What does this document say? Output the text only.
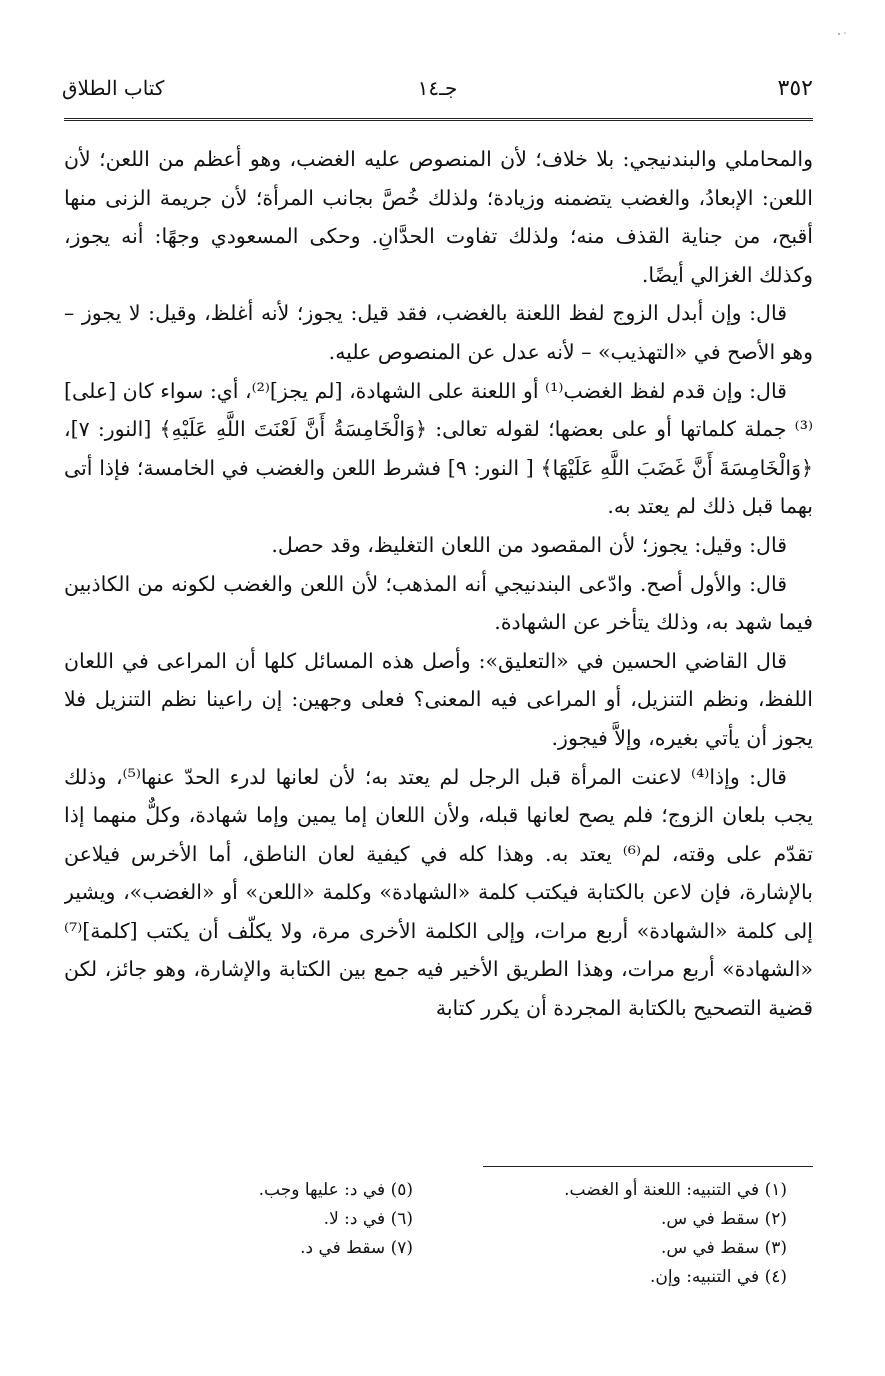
٣٥٢
جـ١٤
كتاب الطلاق

والمحاملي والبندنيجي: بلا خلاف؛ لأن المنصوص عليه الغضب، وهو أعظم من اللعن؛ لأن اللعن: الإبعادُ، والغضب يتضمنه وزيادة؛ ولذلك خُصَّ بجانب المرأة؛ لأن جريمة الزنى منها أقبح، من جناية القذف منه؛ ولذلك تفاوت الحدَّانِ. وحكى المسعودي وجهًا: أنه يجوز، وكذلك الغزالي أيضًا.

قال: وإن أبدل الزوج لفظ اللعنة بالغضب، فقد قيل: يجوز؛ لأنه أغلظ، وقيل: لا يجوز – وهو الأصح في «التهذيب» – لأنه عدل عن المنصوص عليه.

قال: وإن قدم لفظ الغضب⁽¹⁾ أو اللعنة على الشهادة، [لم يجز]⁽²⁾، أي: سواء كان [على]⁽³⁾ جملة كلماتها أو على بعضها؛ لقوله تعالى: ﴿وَالْخَامِسَةُ أَنَّ لَعْنَتَ اللَّهِ عَلَيْهِ﴾ [النور: ٧]، ﴿وَالْخَامِسَةَ أَنَّ غَضَبَ اللَّهِ عَلَيْهَا﴾ [ النور: ٩] فشرط اللعن والغضب في الخامسة؛ فإذا أتى بهما قبل ذلك لم يعتد به.

قال: وقيل: يجوز؛ لأن المقصود من اللعان التغليظ، وقد حصل.

قال: والأول أصح. وادّعى البندنيجي أنه المذهب؛ لأن اللعن والغضب لكونه من الكاذبين فيما شهد به، وذلك يتأخر عن الشهادة.

قال القاضي الحسين في «التعليق»: وأصل هذه المسائل كلها أن المراعى في اللعان اللفظ، ونظم التنزيل، أو المراعى فيه المعنى؟ فعلى وجهين: إن راعينا نظم التنزيل فلا يجوز أن يأتي بغيره، وإلاَّ فيجوز.

قال: وإذا⁽⁴⁾ لاعنت المرأة قبل الرجل لم يعتد به؛ لأن لعانها لدرء الحدّ عنها⁽⁵⁾، وذلك يجب بلعان الزوج؛ فلم يصح لعانها قبله، ولأن اللعان إما يمين وإما شهادة، وكلٌّ منهما إذا تقدّم على وقته، لم⁽⁶⁾ يعتد به. وهذا كله في كيفية لعان الناطق، أما الأخرس فيلاعن بالإشارة، فإن لاعن بالكتابة فيكتب كلمة «الشهادة» وكلمة «اللعن» أو «الغضب»، ويشير إلى كلمة «الشهادة» أربع مرات، وإلى الكلمة الأخرى مرة، ولا يكلّف أن يكتب [كلمة]⁽⁷⁾ «الشهادة» أربع مرات، وهذا الطريق الأخير فيه جمع بين الكتابة والإشارة، وهو جائز، لكن قضية التصحيح بالكتابة المجردة أن يكرر كتابة

(١) في التنبيه: اللعنة أو الغضب.

(٢) سقط في س.

(٣) سقط في س.

(٤) في التنبيه: وإن.

(٥) في د: عليها وجب.

(٦) في د: لا.

(٧) سقط في د.
